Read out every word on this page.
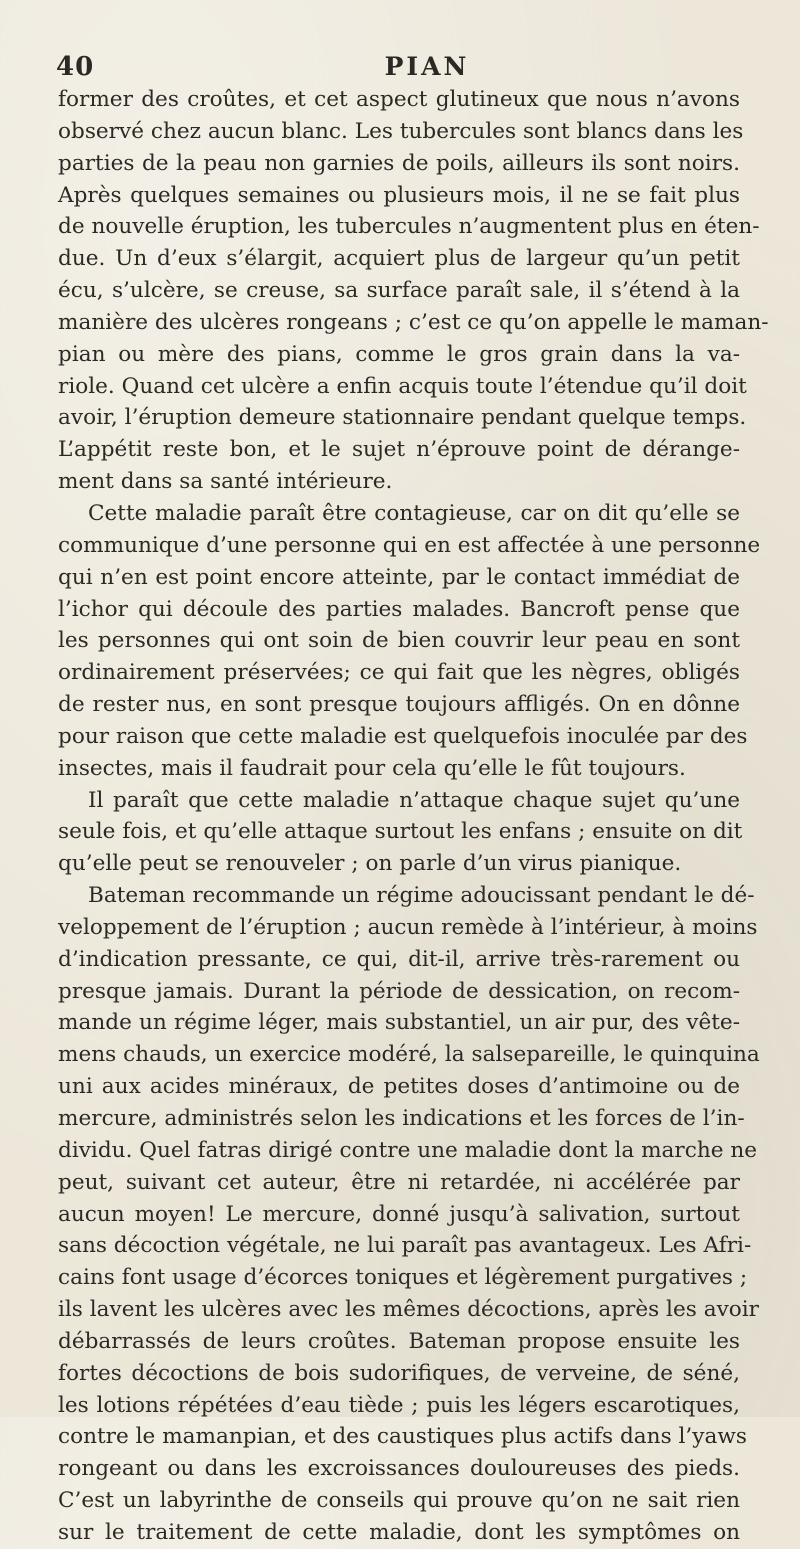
40	PIAN
former des croûtes, et cet aspect glutineux que nous n’avons
observé chez aucun blanc. Les tubercules sont blancs dans les
parties de la peau non garnies de poils, ailleurs ils sont noirs.
Après quelques semaines ou plusieurs mois, il ne se fait plus
de nouvelle éruption, les tubercules n’augmentent plus en éten-
due. Un d’eux s’élargit, acquiert plus de largeur qu’un petit
écu, s’ulcère, se creuse, sa surface paraît sale, il s’étend à la
manière des ulcères rongeans ; c’est ce qu’on appelle le maman-
pian ou mère des pians, comme le gros grain dans la va-
riole. Quand cet ulcère a enfin acquis toute l’étendue qu’il doit
avoir, l’éruption demeure stationnaire pendant quelque temps.
L’appétit reste bon, et le sujet n’éprouve point de dérange-
ment dans sa santé intérieure.
Cette maladie paraît être contagieuse, car on dit qu’elle se
communique d’une personne qui en est affectée à une personne
qui n’en est point encore atteinte, par le contact immédiat de
l’ichor qui découle des parties malades. Bancroft pense que
les personnes qui ont soin de bien couvrir leur peau en sont
ordinairement préservées; ce qui fait que les nègres, obligés
de rester nus, en sont presque toujours affligés. On en dônne
pour raison que cette maladie est quelquefois inoculée par des
insectes, mais il faudrait pour cela qu’elle le fût toujours.
Il paraît que cette maladie n’attaque chaque sujet qu’une
seule fois, et qu’elle attaque surtout les enfans ; ensuite on dit
qu’elle peut se renouveler ; on parle d’un virus pianique.
Bateman recommande un régime adoucissant pendant le dé-
veloppement de l’éruption ; aucun remède à l’intérieur, à moins
d’indication pressante, ce qui, dit-il, arrive très-rarement ou
presque jamais. Durant la période de dessication, on recom-
mande un régime léger, mais substantiel, un air pur, des vête-
mens chauds, un exercice modéré, la salsepareille, le quinquina
uni aux acides minéraux, de petites doses d’antimoine ou de
mercure, administrés selon les indications et les forces de l’in-
dividu. Quel fatras dirigé contre une maladie dont la marche ne
peut, suivant cet auteur, être ni retardée, ni accélérée par
aucun moyen! Le mercure, donné jusqu’à salivation, surtout
sans décoction végétale, ne lui paraît pas avantageux. Les Afri-
cains font usage d’écorces toniques et légèrement purgatives ;
ils lavent les ulcères avec les mêmes décoctions, après les avoir
débarrassés de leurs croûtes. Bateman propose ensuite les
fortes décoctions de bois sudorifiques, de verveine, de séné,
les lotions répétées d’eau tiède ; puis les légers escarotiques,
contre le mamanpian, et des caustiques plus actifs dans l’yaws
rongeant ou dans les excroissances douloureuses des pieds.
C’est un labyrinthe de conseils qui prouve qu’on ne sait rien
sur le traitement de cette maladie, dont les symptômes on
